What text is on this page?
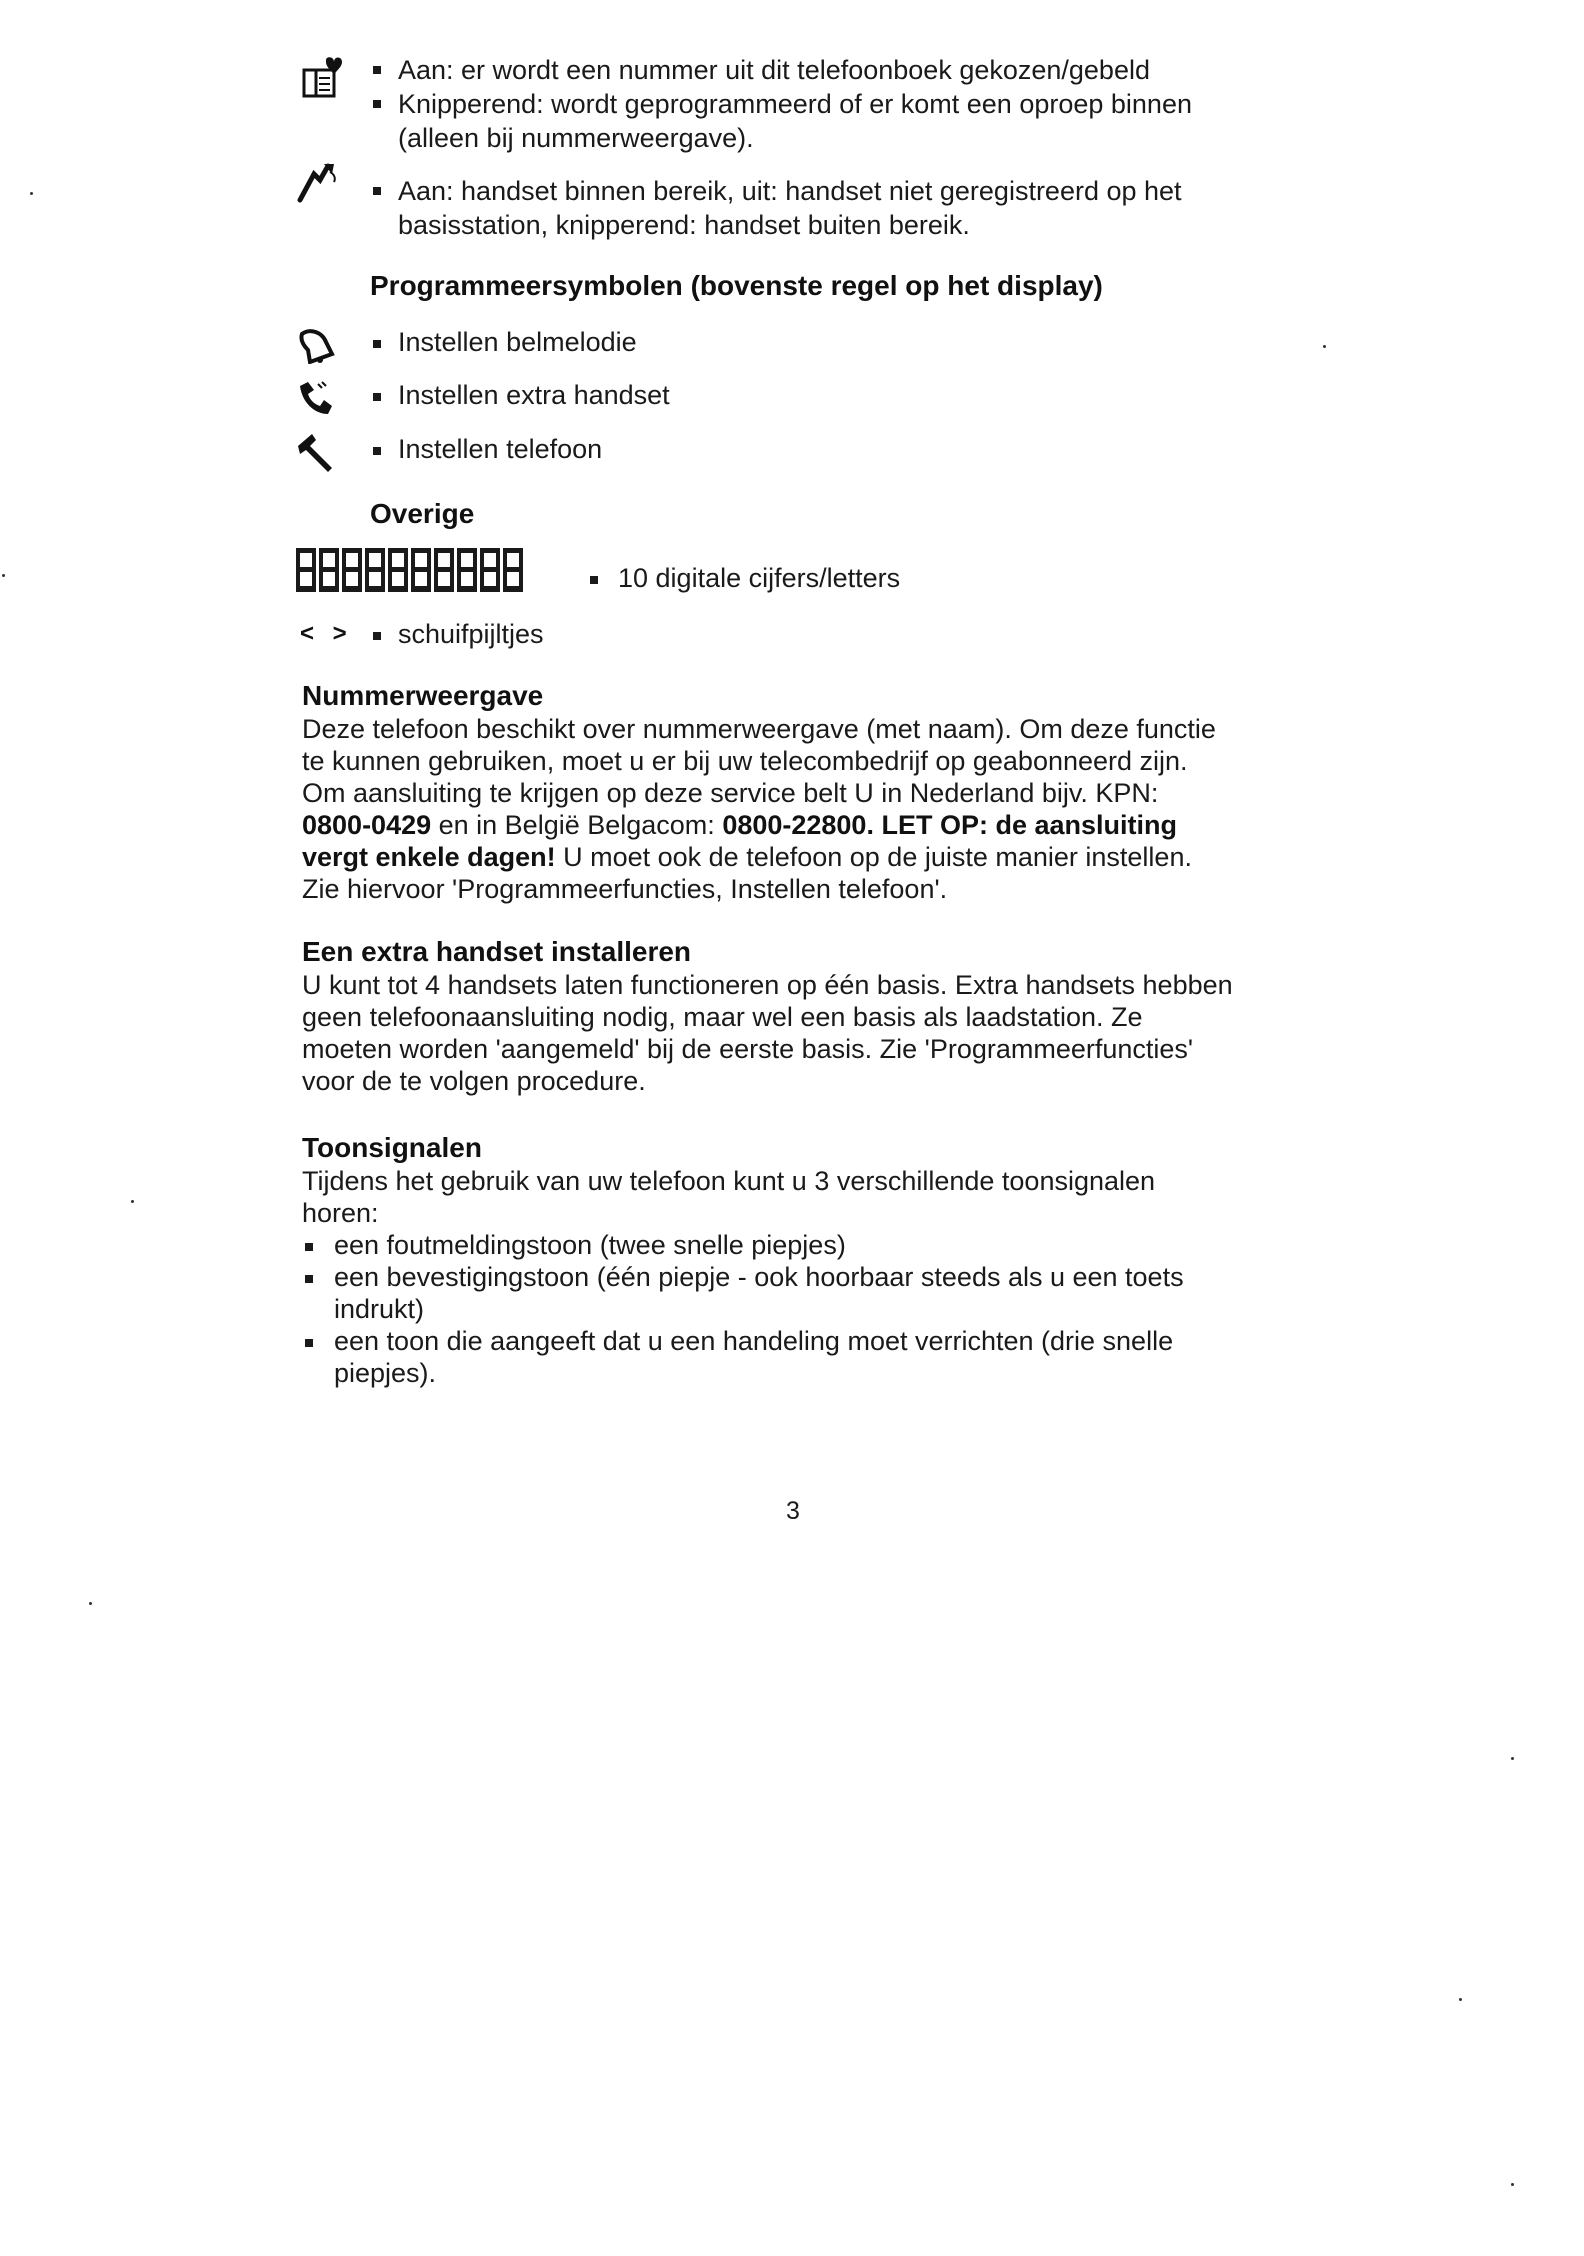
Aan: er wordt een nummer uit dit telefoonboek gekozen/gebeld
Knipperend: wordt geprogrammeerd of er komt een oproep binnen
(alleen bij nummerweergave).
Aan: handset binnen bereik, uit: handset niet geregistreerd op het
basisstation, knipperend: handset buiten bereik.
Programmeersymbolen (bovenste regel op het display)
Instellen belmelodie
Instellen extra handset
Instellen telefoon
Overige
10 digitale cijfers/letters
< > schuifpijltjes
Nummerweergave
Deze telefoon beschikt over nummerweergave (met naam). Om deze functie
te kunnen gebruiken, moet u er bij uw telecombedrijf op geabonneerd zijn.
Om aansluiting te krijgen op deze service belt U in Nederland bijv. KPN:
0800-0429 en in België Belgacom: 0800-22800. LET OP: de aansluiting
vergt enkele dagen! U moet ook de telefoon op de juiste manier instellen.
Zie hiervoor 'Programmeerfuncties, Instellen telefoon'.
Een extra handset installeren
U kunt tot 4 handsets laten functioneren op één basis. Extra handsets hebben
geen telefoonaansluiting nodig, maar wel een basis als laadstation. Ze
moeten worden 'aangemeld' bij de eerste basis. Zie 'Programmeerfuncties'
voor de te volgen procedure.
Toonsignalen
Tijdens het gebruik van uw telefoon kunt u 3 verschillende toonsignalen
horen:
een foutmeldingstoon (twee snelle piepjes)
een bevestigingstoon (één piepje - ook hoorbaar steeds als u een toets
indrukt)
een toon die aangeeft dat u een handeling moet verrichten (drie snelle
piepjes).
3
